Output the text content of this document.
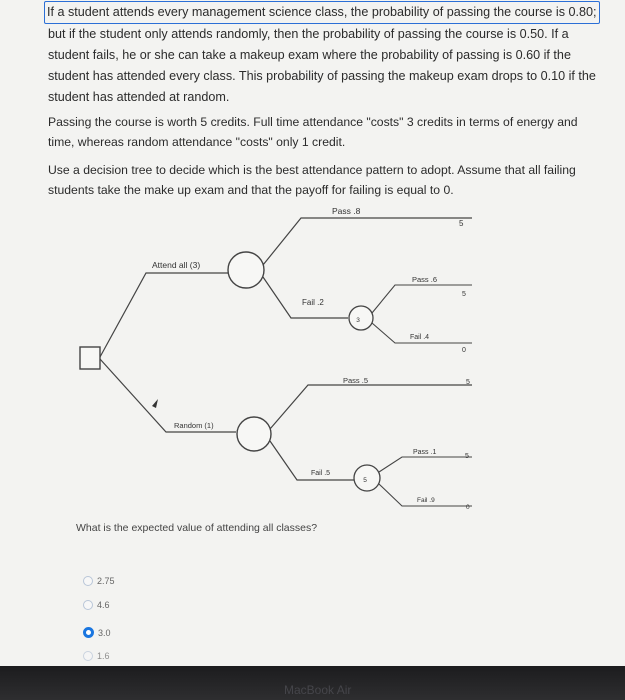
If a student attends every management science class, the probability of passing the course is 0.80;
but if the student only attends randomly, then the probability of passing the course is 0.50. If a
student fails, he or she can take a makeup exam where the probability of passing is 0.60 if the
student has attended every class. This probability of passing the makeup exam drops to 0.10 if the
student has attended at random.
Passing the course is worth 5 credits. Full time attendance "costs" 3 credits in terms of energy and
time, whereas random attendance "costs" only 1 credit.
Use a decision tree to decide which is the best attendance pattern to adopt. Assume that all failing
students take the make up exam and that the payoff for failing is equal to 0.
Pass .8
Attend all (3)
Fail .2
3
Pass .6
Fail .4
Pass .5
Random (1)
Fail .5
5
Pass .1
Fail .9
5
5
0
5
5
0
What is the expected value of attending all classes?
2.75
4.6
3.0
1.6
MacBook Air
